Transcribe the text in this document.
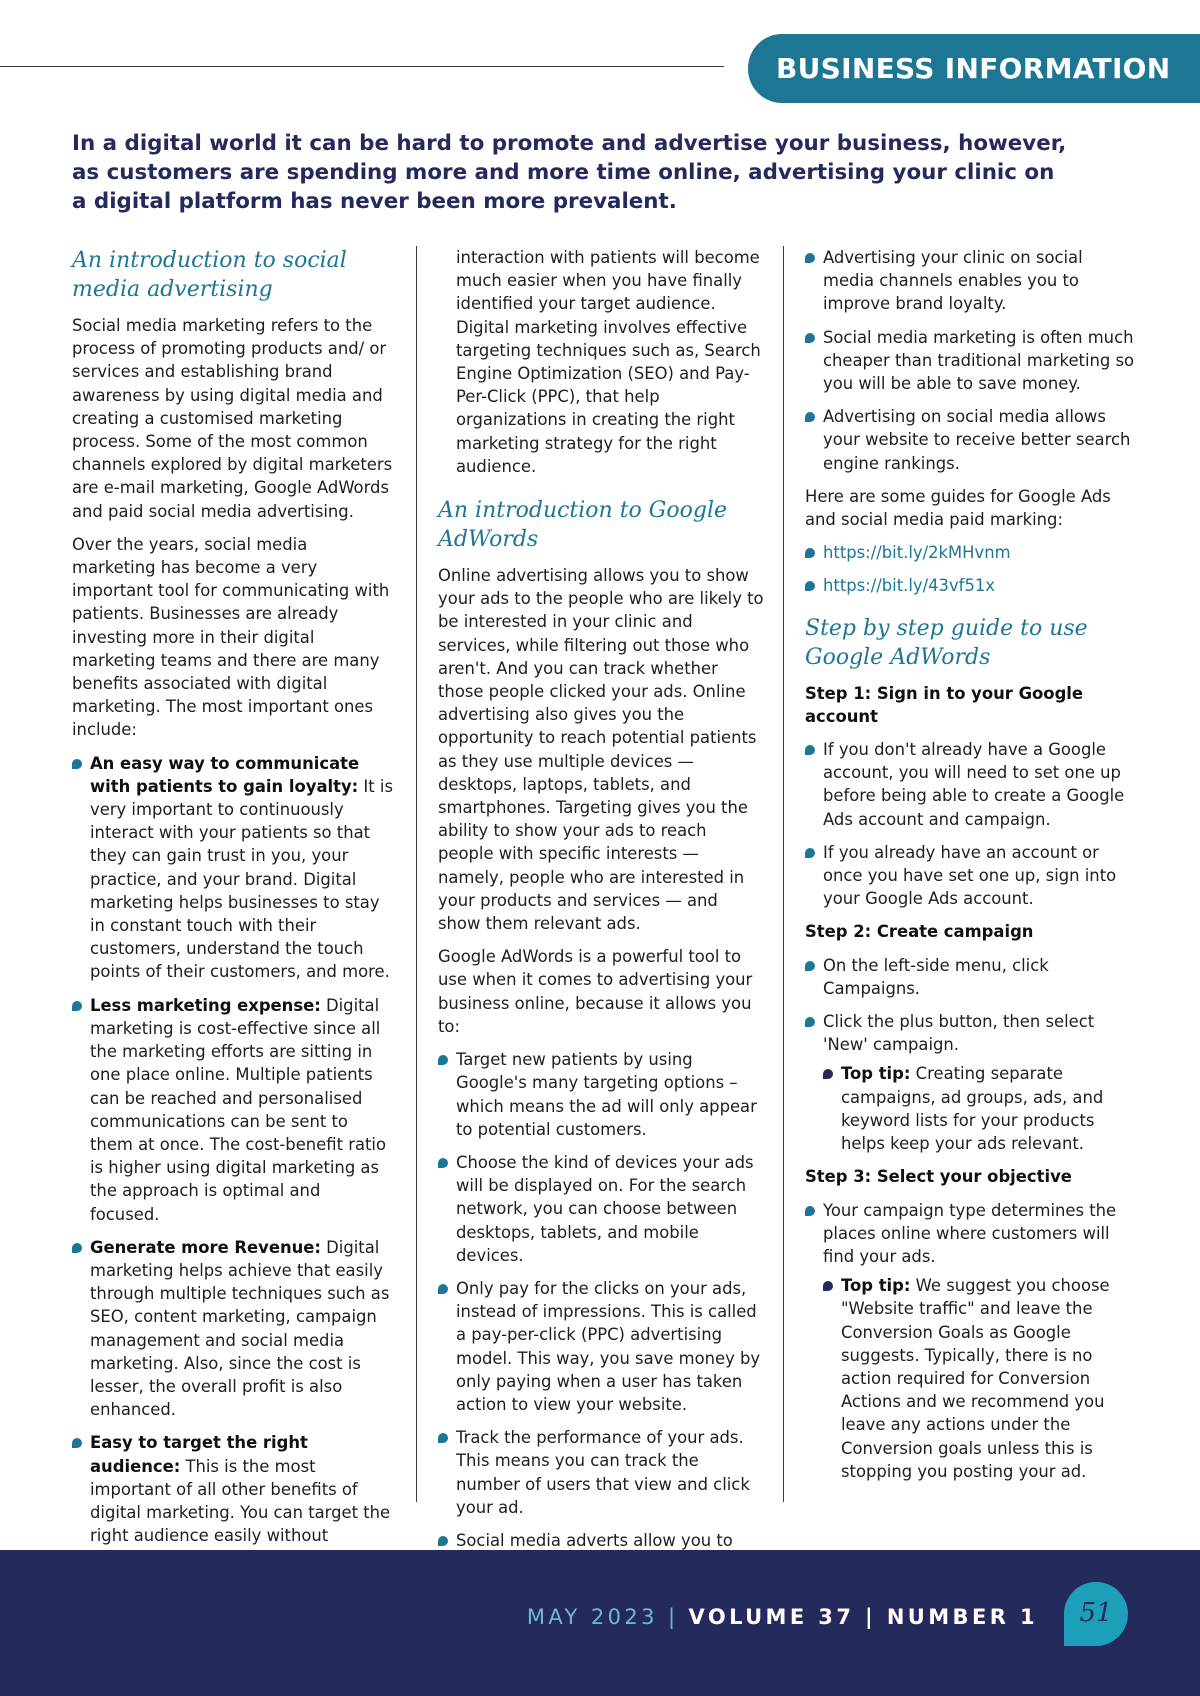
BUSINESS INFORMATION

In a digital world it can be hard to promote and advertise your business, however, as customers are spending more and more time online, advertising your clinic on a digital platform has never been more prevalent.

An introduction to social media advertising

Social media marketing refers to the process of promoting products and/ or services and establishing brand awareness by using digital media and creating a customised marketing process. Some of the most common channels explored by digital marketers are e-mail marketing, Google AdWords and paid social media advertising.

Over the years, social media marketing has become a very important tool for communicating with patients. Businesses are already investing more in their digital marketing teams and there are many benefits associated with digital marketing. The most important ones include:

An easy way to communicate with patients to gain loyalty: It is very important to continuously interact with your patients so that they can gain trust in you, your practice, and your brand. Digital marketing helps businesses to stay in constant touch with their customers, understand the touch points of their customers, and more.
Less marketing expense: Digital marketing is cost-effective since all the marketing efforts are sitting in one place online. Multiple patients can be reached and personalised communications can be sent to them at once. The cost-benefit ratio is higher using digital marketing as the approach is optimal and focused.
Generate more Revenue: Digital marketing helps achieve that easily through multiple techniques such as SEO, content marketing, campaign management and social media marketing. Also, since the cost is lesser, the overall profit is also enhanced.
Easy to target the right audience: This is the most important of all other benefits of digital marketing. You can target the right audience easily without

interaction with patients will become much easier when you have finally identified your target audience. Digital marketing involves effective targeting techniques such as, Search Engine Optimization (SEO) and Pay-Per-Click (PPC), that help organizations in creating the right marketing strategy for the right audience.

An introduction to Google AdWords

Online advertising allows you to show your ads to the people who are likely to be interested in your clinic and services, while filtering out those who aren't. And you can track whether those people clicked your ads. Online advertising also gives you the opportunity to reach potential patients as they use multiple devices — desktops, laptops, tablets, and smartphones. Targeting gives you the ability to show your ads to reach people with specific interests — namely, people who are interested in your products and services — and show them relevant ads.

Google AdWords is a powerful tool to use when it comes to advertising your business online, because it allows you to:

Target new patients by using Google's many targeting options – which means the ad will only appear to potential customers.
Choose the kind of devices your ads will be displayed on. For the search network, you can choose between desktops, tablets, and mobile devices.
Only pay for the clicks on your ads, instead of impressions. This is called a pay-per-click (PPC) advertising model. This way, you save money by only paying when a user has taken action to view your website.
Track the performance of your ads. This means you can track the number of users that view and click your ad.
Social media adverts allow you to
Advertising your clinic on social media channels enables you to improve brand loyalty.
Social media marketing is often much cheaper than traditional marketing so you will be able to save money.
Advertising on social media allows your website to receive better search engine rankings.

Here are some guides for Google Ads and social media paid marking:

https://bit.ly/2kMHvnm
https://bit.ly/43vf51x
Step by step guide to use Google AdWords
Step 1: Sign in to your Google account
If you don't already have a Google account, you will need to set one up before being able to create a Google Ads account and campaign.
If you already have an account or once you have set one up, sign into your Google Ads account.
Step 2: Create campaign
On the left-side menu, click Campaigns.
Click the plus button, then select 'New' campaign.
Top tip: Creating separate campaigns, ad groups, ads, and keyword lists for your products helps keep your ads relevant.
Step 3: Select your objective
Your campaign type determines the places online where customers will find your ads.
Top tip: We suggest you choose "Website traffic" and leave the Conversion Goals as Google suggests. Typically, there is no action required for Conversion Actions and we recommend you leave any actions under the Conversion goals unless this is stopping you posting your ad.
MAY 2023 | VOLUME 37 | NUMBER 1	51
